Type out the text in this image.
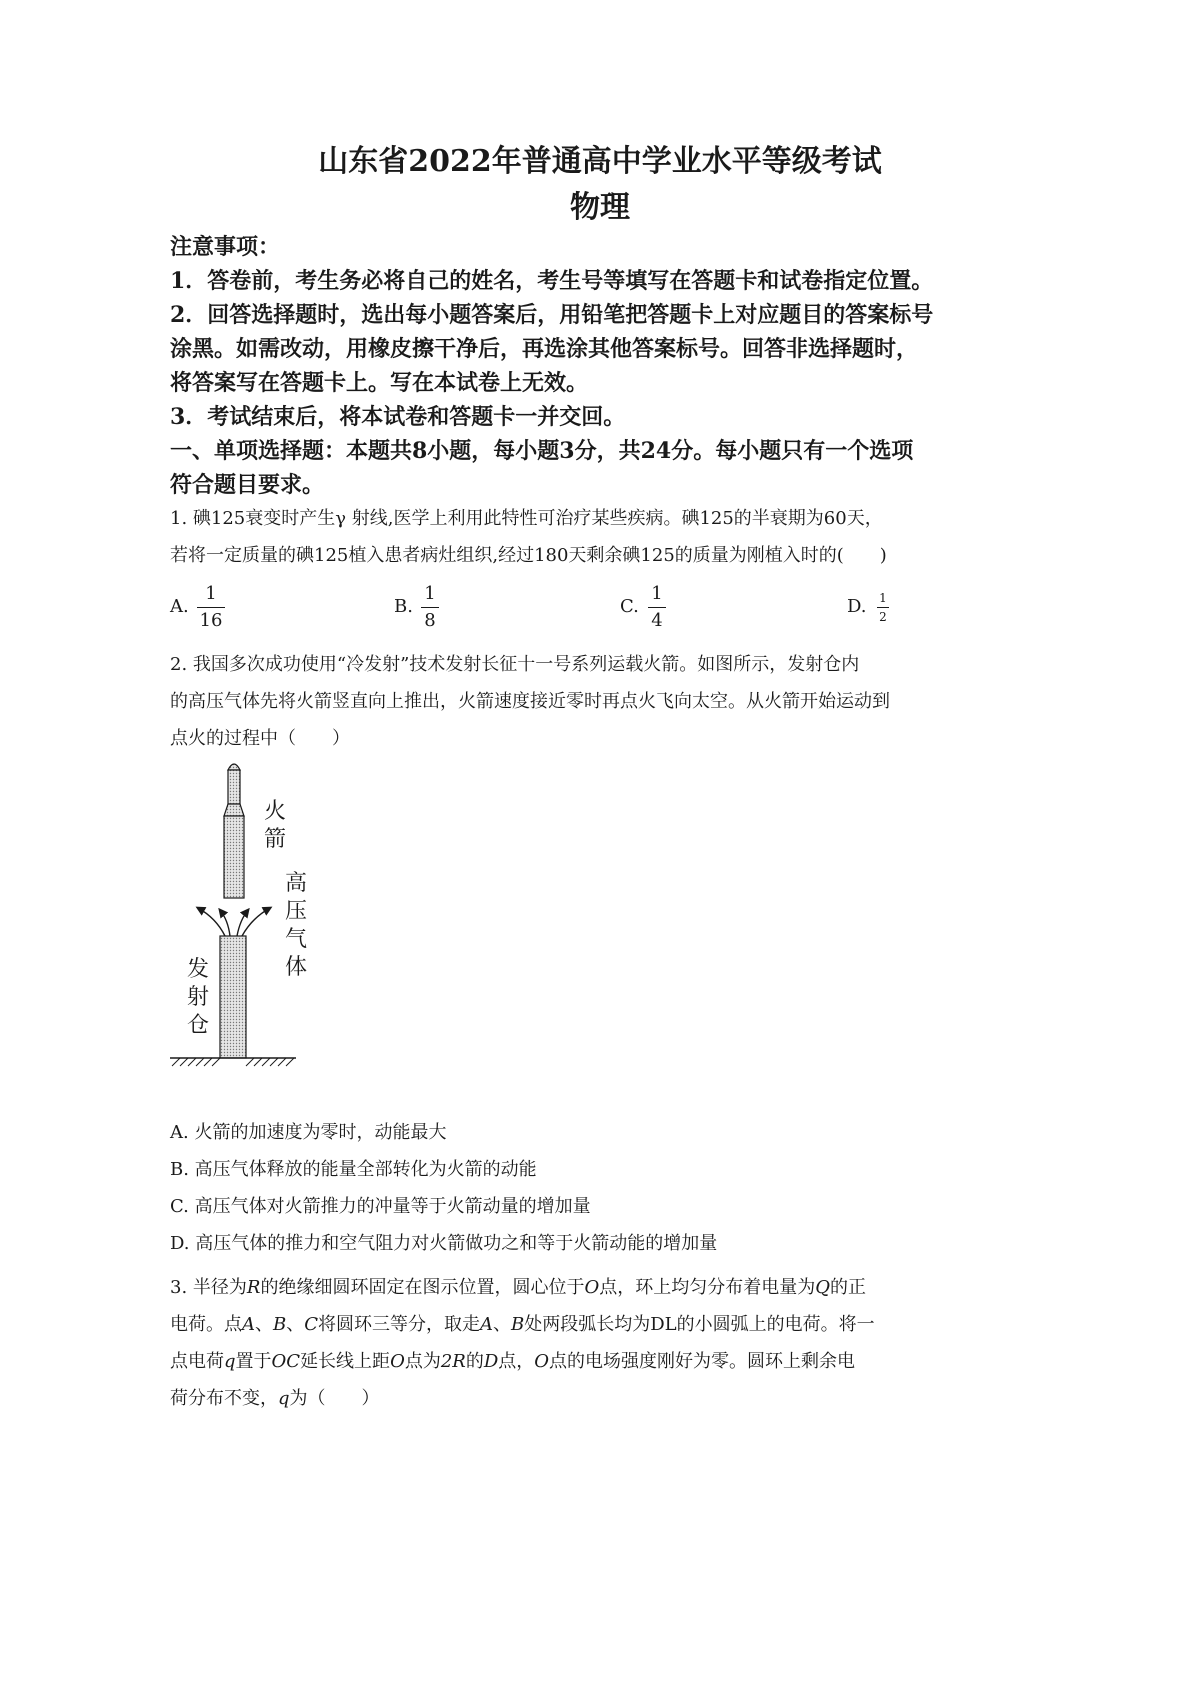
山东省2022年普通高中学业水平等级考试
物理
注意事项：
1．答卷前，考生务必将自己的姓名，考生号等填写在答题卡和试卷指定位置。
2．回答选择题时，选出每小题答案后，用铅笔把答题卡上对应题目的答案标号
涂黑。如需改动，用橡皮擦干净后，再选涂其他答案标号。回答非选择题时，
将答案写在答题卡上。写在本试卷上无效。
3．考试结束后，将本试卷和答题卡一并交回。
一、单项选择题：本题共8小题，每小题3分，共24分。每小题只有一个选项
符合题目要求。
1. 碘125衰变时产生γ 射线,医学上利用此特性可治疗某些疾病。碘125的半衰期为60天，
若将一定质量的碘125植入患者病灶组织,经过180天剩余碘125的质量为刚植入时的(　　)
A.
1
16
B.
1
8
C.
1
4
D. 1
2
2. 我国多次成功使用“冷发射”技术发射长征十一号系列运载火箭。如图所示，发射仓内
的高压气体先将火箭竖直向上推出，火箭速度接近零时再点火飞向太空。从火箭开始运动到
点火的过程中（　　）
火
箭
高
压
气
体
发
射
仓
A. 火箭的加速度为零时，动能最大
B. 高压气体释放的能量全部转化为火箭的动能
C. 高压气体对火箭推力的冲量等于火箭动量的增加量
D. 高压气体的推力和空气阻力对火箭做功之和等于火箭动能的增加量
3. 半径为R的绝缘细圆环固定在图示位置，圆心位于O点，环上均匀分布着电量为Q的正
电荷。点A、B、C将圆环三等分，取走A、B处两段弧长均为DL的小圆弧上的电荷。将一
点电荷q置于OC延长线上距O点为2R的D点，O点的电场强度刚好为零。圆环上剩余电
荷分布不变，q为（　　）
